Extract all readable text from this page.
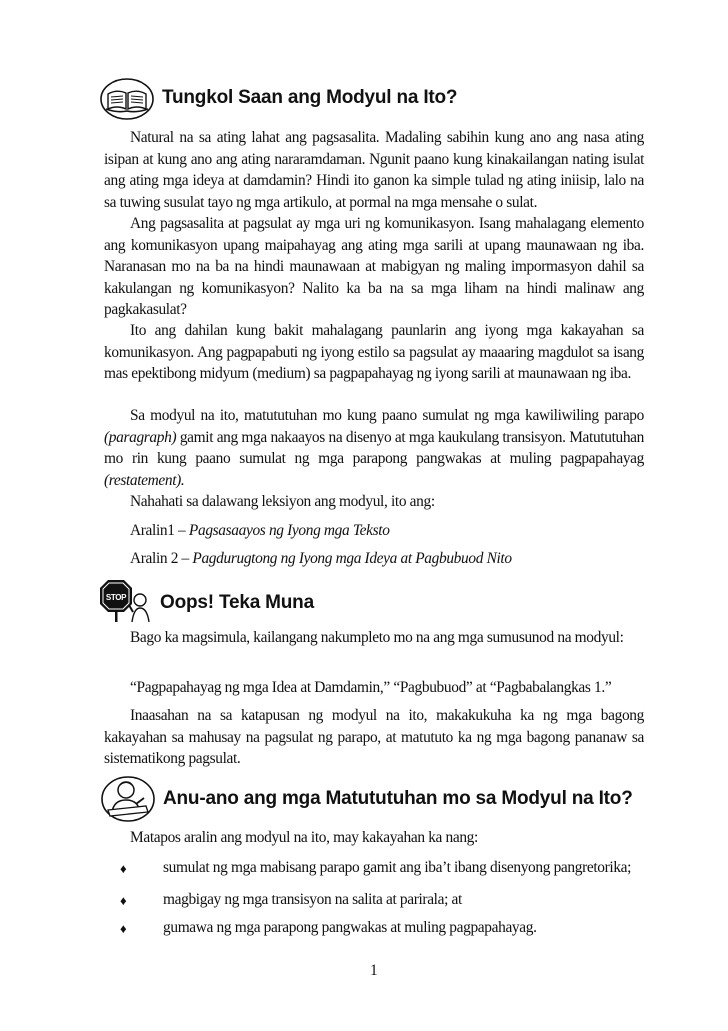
Tungkol Saan ang Modyul na Ito?

Natural na sa ating lahat ang pagsasalita. Madaling sabihin kung ano ang nasa ating isipan at kung ano ang ating nararamdaman. Ngunit paano kung kinakailangan nating isulat ang ating mga ideya at damdamin? Hindi ito ganon ka simple tulad ng ating iniisip, lalo na sa tuwing susulat tayo ng mga artikulo, at pormal na mga mensahe o sulat.

Ang pagsasalita at pagsulat ay mga uri ng komunikasyon. Isang mahalagang elemento ang komunikasyon upang maipahayag ang ating mga sarili at upang maunawaan ng iba. Naranasan mo na ba na hindi maunawaan at mabigyan ng maling impormasyon dahil sa kakulangan ng komunikasyon? Nalito ka ba na sa mga liham na hindi malinaw ang pagkakasulat?

Ito ang dahilan kung bakit mahalagang paunlarin ang iyong mga kakayahan sa komunikasyon. Ang pagpapabuti ng iyong estilo sa pagsulat ay maaaring magdulot sa isang mas epektibong midyum (medium) sa pagpapahayag ng iyong sarili at maunawaan ng iba.

Sa modyul na ito, matututuhan mo kung paano sumulat ng mga kawiliwiling parapo (paragraph) gamit ang mga nakaayos na disenyo at mga kaukulang transisyon. Matututuhan mo rin kung paano sumulat ng mga parapong pangwakas at muling pagpapahayag (restatement).

Nahahati sa dalawang leksiyon ang modyul, ito ang:

Aralin1 – Pagsasaayos ng Iyong mga Teksto

Aralin 2 – Pagdurugtong ng Iyong mga Ideya at Pagbubuod Nito

STOP Oops! Teka Muna

Bago ka magsimula, kailangang nakumpleto mo na ang mga sumusunod na modyul:

“Pagpapahayag ng mga Idea at Damdamin,” “Pagbubuod” at “Pagbabalangkas 1.”

Inaasahan na sa katapusan ng modyul na ito, makakukuha ka ng mga bagong kakayahan sa mahusay na pagsulat ng parapo, at matututo ka ng mga bagong pananaw sa sistematikong pagsulat.

Anu-ano ang mga Matututuhan mo sa Modyul na Ito?

Matapos aralin ang modyul na ito, may kakayahan ka nang:

♦ sumulat ng mga mabisang parapo gamit ang iba’t ibang disenyong pangretorika;
♦ magbigay ng mga transisyon na salita at parirala; at
♦ gumawa ng mga parapong pangwakas at muling pagpapahayag.
1
